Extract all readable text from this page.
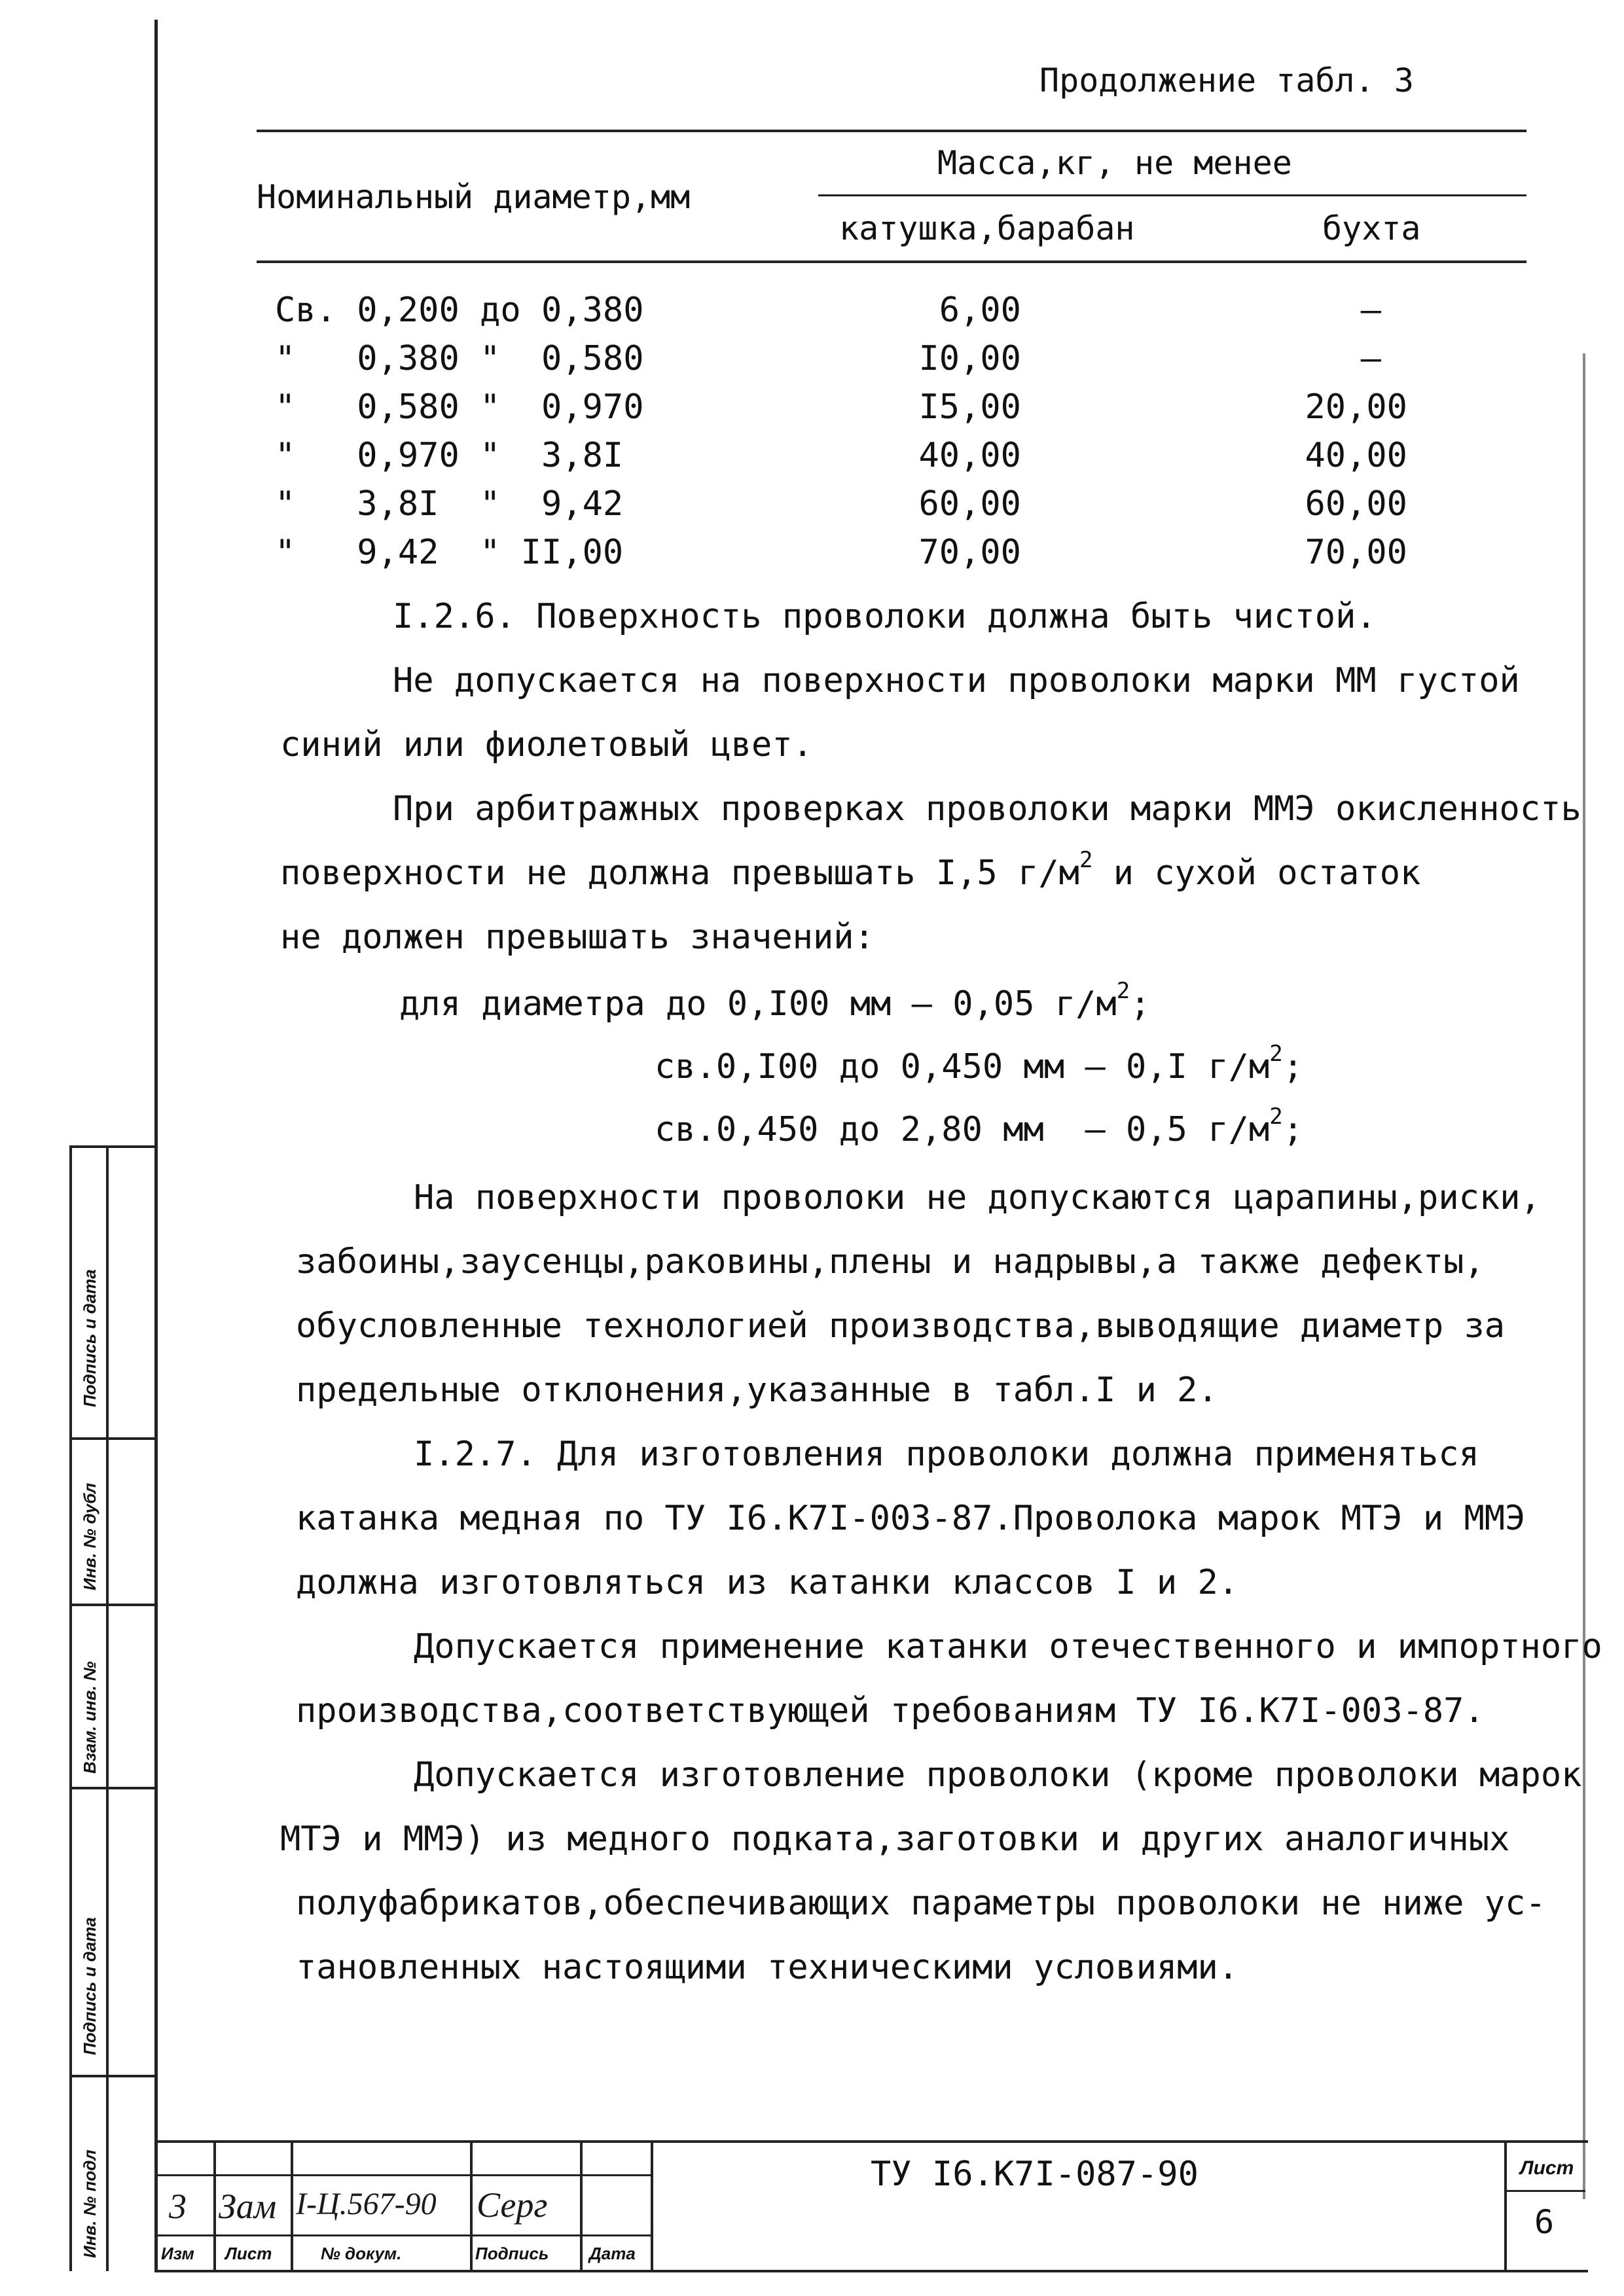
Продолжение табл. 3
Номинальный диаметр,мм
Масса,кг, не менее
катушка,барабан	бухта
Св. 0,200 до 0,380	6,00	–
"   0,380 "  0,580	I0,00	–
"   0,580 "  0,970	I5,00	20,00
"   0,970 "  3,8I	40,00	40,00
"   3,8I  "  9,42	60,00	60,00
"   9,42  " II,00	70,00	70,00
I.2.6. Поверхность проволоки должна быть чистой.
Не допускается на поверхности проволоки марки ММ густой
синий или фиолетовый цвет.
При арбитражных проверках проволоки марки ММЭ окисленность
поверхности не должна превышать I,5 $г/м^2$ и сухой остаток
не должен превышать значений:
для диаметра до 0,I00 мм – 0,05 $г/м^2$;
св.0,I00 до 0,450 мм – 0,I $г/м^2$;
св.0,450 до 2,80 мм  – 0,5 $г/м^2$;
На поверхности проволоки не допускаются царапины,риски,
забоины,заусенцы,раковины,плены и надрывы,а также дефекты,
обусловленные технологией производства,выводящие диаметр за
предельные отклонения,указанные в табл.I и 2.
I.2.7. Для изготовления проволоки должна применяться
катанка медная по ТУ I6.К7I-003-87.Проволока марок МТЭ и ММЭ
должна изготовляться из катанки классов I и 2.
Допускается применение катанки отечественного и импортного
производства,соответствующей требованиям ТУ I6.К7I-003-87.
Допускается изготовление проволоки (кроме проволоки марок
МТЭ и ММЭ) из медного подката,заготовки и других аналогичных
полуфабрикатов,обеспечивающих параметры проволоки не ниже ус-
тановленных настоящими техническими условиями.
Подпись и дата
Инв. № дубл
Взам. инв. №
Подпись и дата
Инв. № подл 3 Зам I-Ц.567-90 Серг
Изм Лист	№ докум.	Подпись Дата
ТУ I6.К7I-087-90	Лист
6
